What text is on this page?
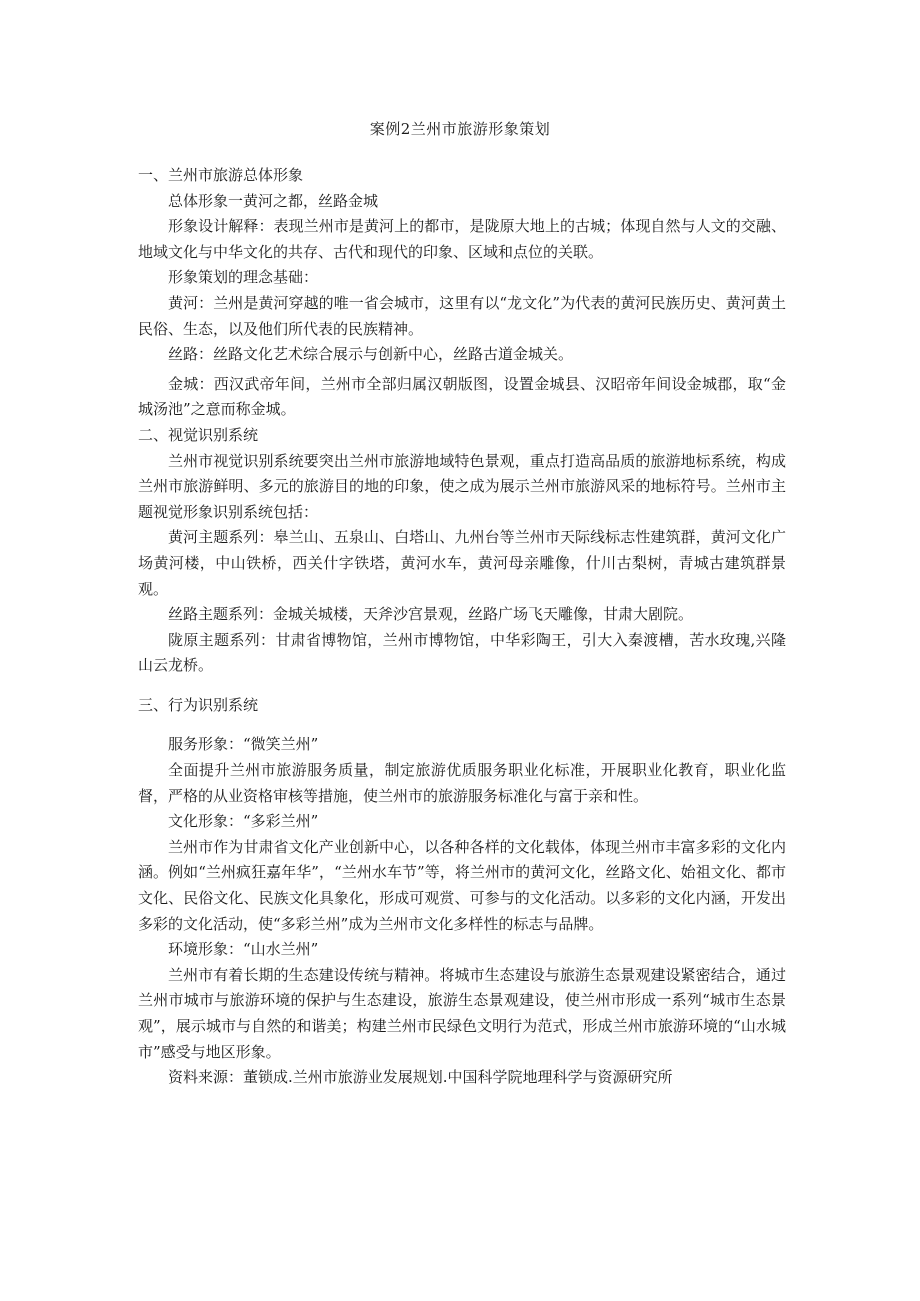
案例2兰州市旅游形象策划

一、兰州市旅游总体形象

总体形象一黄河之都，丝路金城

形象设计解释：表现兰州市是黄河上的都市，是陇原大地上的古城；体现自然与人文的交融、地域文化与中华文化的共存、古代和现代的印象、区域和点位的关联。

形象策划的理念基础：

黄河：兰州是黄河穿越的唯一省会城市，这里有以“龙文化”为代表的黄河民族历史、黄河黄土民俗、生态，以及他们所代表的民族精神。

丝路：丝路文化艺术综合展示与创新中心，丝路古道金城关。

金城：西汉武帝年间，兰州市全部归属汉朝版图，设置金城县、汉昭帝年间设金城郡，取“金城汤池”之意而称金城。

二、视觉识别系统

兰州市视觉识别系统要突出兰州市旅游地域特色景观，重点打造高品质的旅游地标系统，构成兰州市旅游鲜明、多元的旅游目的地的印象，使之成为展示兰州市旅游风采的地标符号。兰州市主题视觉形象识别系统包括：

黄河主题系列：皋兰山、五泉山、白塔山、九州台等兰州市天际线标志性建筑群，黄河文化广场黄河楼，中山铁桥，西关什字铁塔，黄河水车，黄河母亲雕像，什川古梨树，青城古建筑群景观。

丝路主题系列：金城关城楼，天斧沙宫景观，丝路广场飞天雕像，甘肃大剧院。

陇原主题系列：甘肃省博物馆，兰州市博物馆，中华彩陶王，引大入秦渡槽，苦水玫瑰,兴隆山云龙桥。

三、行为识别系统

服务形象：“微笑兰州”

全面提升兰州市旅游服务质量，制定旅游优质服务职业化标准，开展职业化教育，职业化监督，严格的从业资格审核等措施，使兰州市的旅游服务标准化与富于亲和性。

文化形象：“多彩兰州”

兰州市作为甘肃省文化产业创新中心，以各种各样的文化载体，体现兰州市丰富多彩的文化内涵。例如“兰州疯狂嘉年华”，“兰州水车节”等，将兰州市的黄河文化，丝路文化、始祖文化、都市文化、民俗文化、民族文化具象化，形成可观赏、可参与的文化活动。以多彩的文化内涵，开发出多彩的文化活动，使“多彩兰州”成为兰州市文化多样性的标志与品牌。

环境形象：“山水兰州”

兰州市有着长期的生态建设传统与精神。将城市生态建设与旅游生态景观建设紧密结合，通过兰州市城市与旅游环境的保护与生态建设，旅游生态景观建设，使兰州市形成一系列“城市生态景观”，展示城市与自然的和谐美；构建兰州市民绿色文明行为范式，形成兰州市旅游环境的“山水城市”感受与地区形象。

资料来源：董锁成.兰州市旅游业发展规划.中国科学院地理科学与资源研究所
